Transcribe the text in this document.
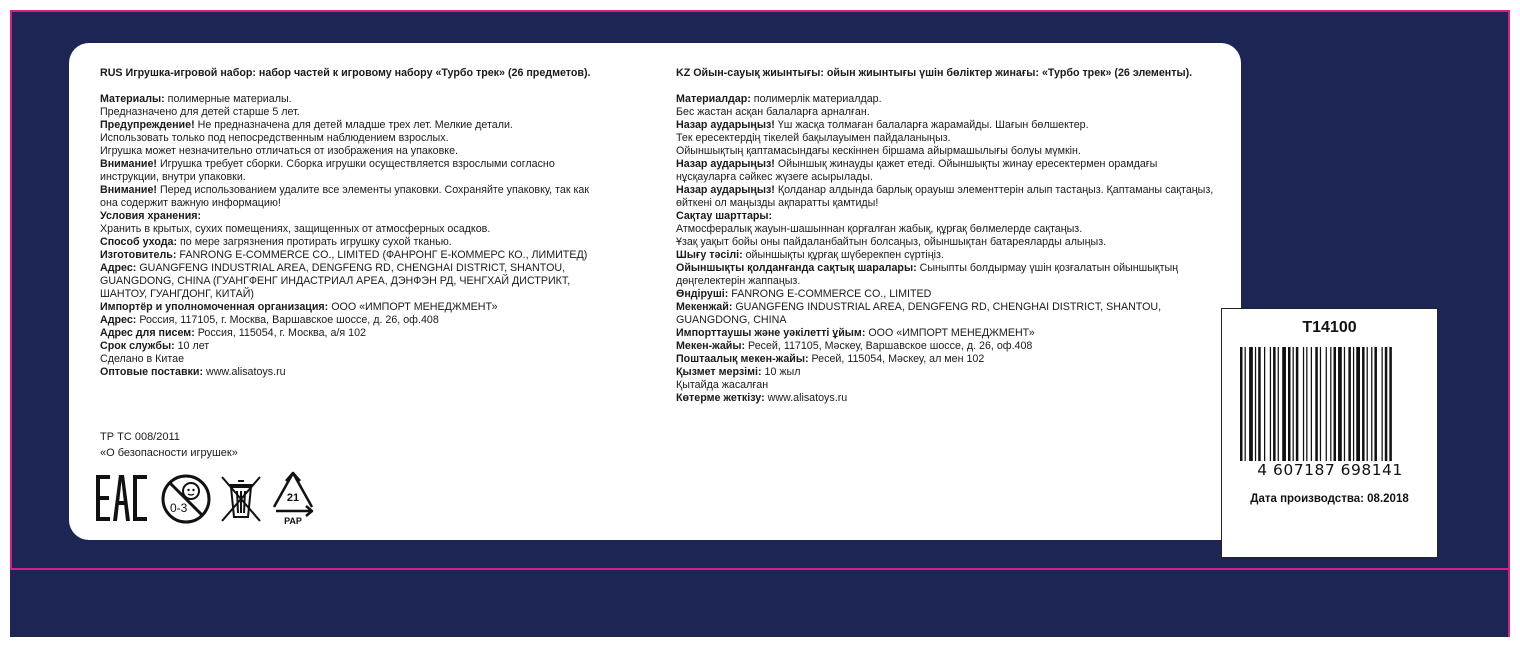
RUS Игрушка-игровой набор: набор частей к игровому набору «Турбо трек» (26 предметов).

Материалы: полимерные материалы.

Предназначено для детей старше 5 лет.

Предупреждение! Не предназначена для детей младше трех лет. Мелкие детали.

Использовать только под непосредственным наблюдением взрослых.

Игрушка может незначительно отличаться от изображения на упаковке.

Внимание! Игрушка требует сборки. Сборка игрушки осуществляется взрослыми согласно инструкции, внутри упаковки.

Внимание! Перед использованием удалите все элементы упаковки. Сохраняйте упаковку, так как она содержит важную информацию!

Условия хранения:

Хранить в крытых, сухих помещениях, защищенных от атмосферных осадков.

Способ ухода: по мере загрязнения протирать игрушку сухой тканью.

Изготовитель: FANRONG E-COMMERCE CO., LIMITED (ФАНРОНГ Е-КОММЕРС КО., ЛИМИТЕД)

Адрес: GUANGFENG INDUSTRIAL AREA, DENGFENG RD, CHENGHAI DISTRICT, SHANTOU, GUANGDONG, CHINA (ГУАНГФЕНГ ИНДАСТРИАЛ АРЕА, ДЭНФЭН РД, ЧЕНГХАЙ ДИСТРИКТ, ШАНТОУ, ГУАНГДОНГ, КИТАЙ)

Импортёр и уполномоченная организация: ООО «ИМПОРТ МЕНЕДЖМЕНТ»

Адрес: Россия, 117105, г. Москва, Варшавское шоссе, д. 26, оф.408

Адрес для писем: Россия, 115054, г. Москва, а/я 102

Срок службы: 10 лет

Сделано в Китае

Оптовые поставки: www.alisatoys.ru

ТР ТС 008/2011
«О безопасности игрушек»
0-3
21
PAP

KZ Ойын-сауық жиынтығы: ойын жиынтығы үшін бөліктер жинағы: «Турбо трек» (26 элементы).

Материалдар: полимерлік материалдар.

Бес жастан асқан балаларға арналған.

Назар аударыңыз! Үш жасқа толмаған балаларға жарамайды. Шағын бөлшектер.

Тек ересектердің тікелей бақылауымен пайдаланыңыз.

Ойыншықтың қаптамасындағы кескіннен біршама айырмашылығы болуы мүмкін.

Назар аударыңыз! Ойыншық жинауды қажет етеді. Ойыншықты жинау ересектермен орамдағы нұсқауларға сәйкес жүзеге асырылады.

Назар аударыңыз! Қолданар алдында барлық орауыш элементтерін алып тастаңыз. Қаптаманы сақтаңыз, өйткені ол маңызды ақпаратты қамтиды!

Сақтау шарттары:

Атмосфералық жауын-шашыннан қорғалған жабық, құрғақ бөлмелерде сақтаңыз.

Ұзақ уақыт бойы оны пайдаланбайтын болсаңыз, ойыншықтан батареяларды алыңыз.

Шығу тәсілі: ойыншықты құрғақ шүберекпен сүртіңіз.

Ойыншықты қолданғанда сақтық шаралары: Сыныпты болдырмау үшін қозғалатын ойыншықтың дөңгелектерін жаппаңыз.

Өндіруші: FANRONG E-COMMERCE CO., LIMITED

Мекенжай: GUANGFENG INDUSTRIAL AREA, DENGFENG RD, CHENGHAI DISTRICT, SHANTOU, GUANGDONG, CHINA

Импорттаушы және уәкілетті ұйым: ООО «ИМПОРТ МЕНЕДЖМЕНТ»

Мекен-жайы: Ресей, 117105, Мәскеу, Варшавское шоссе, д. 26, оф.408

Поштаалық мекен-жайы: Ресей, 115054, Мәскеу, ал мен 102

Қызмет мерзімі: 10 жыл

Қытайда жасалған

Көтерме жеткізу: www.alisatoys.ru

T14100
4 607187 698141
Дата производства: 08.2018
